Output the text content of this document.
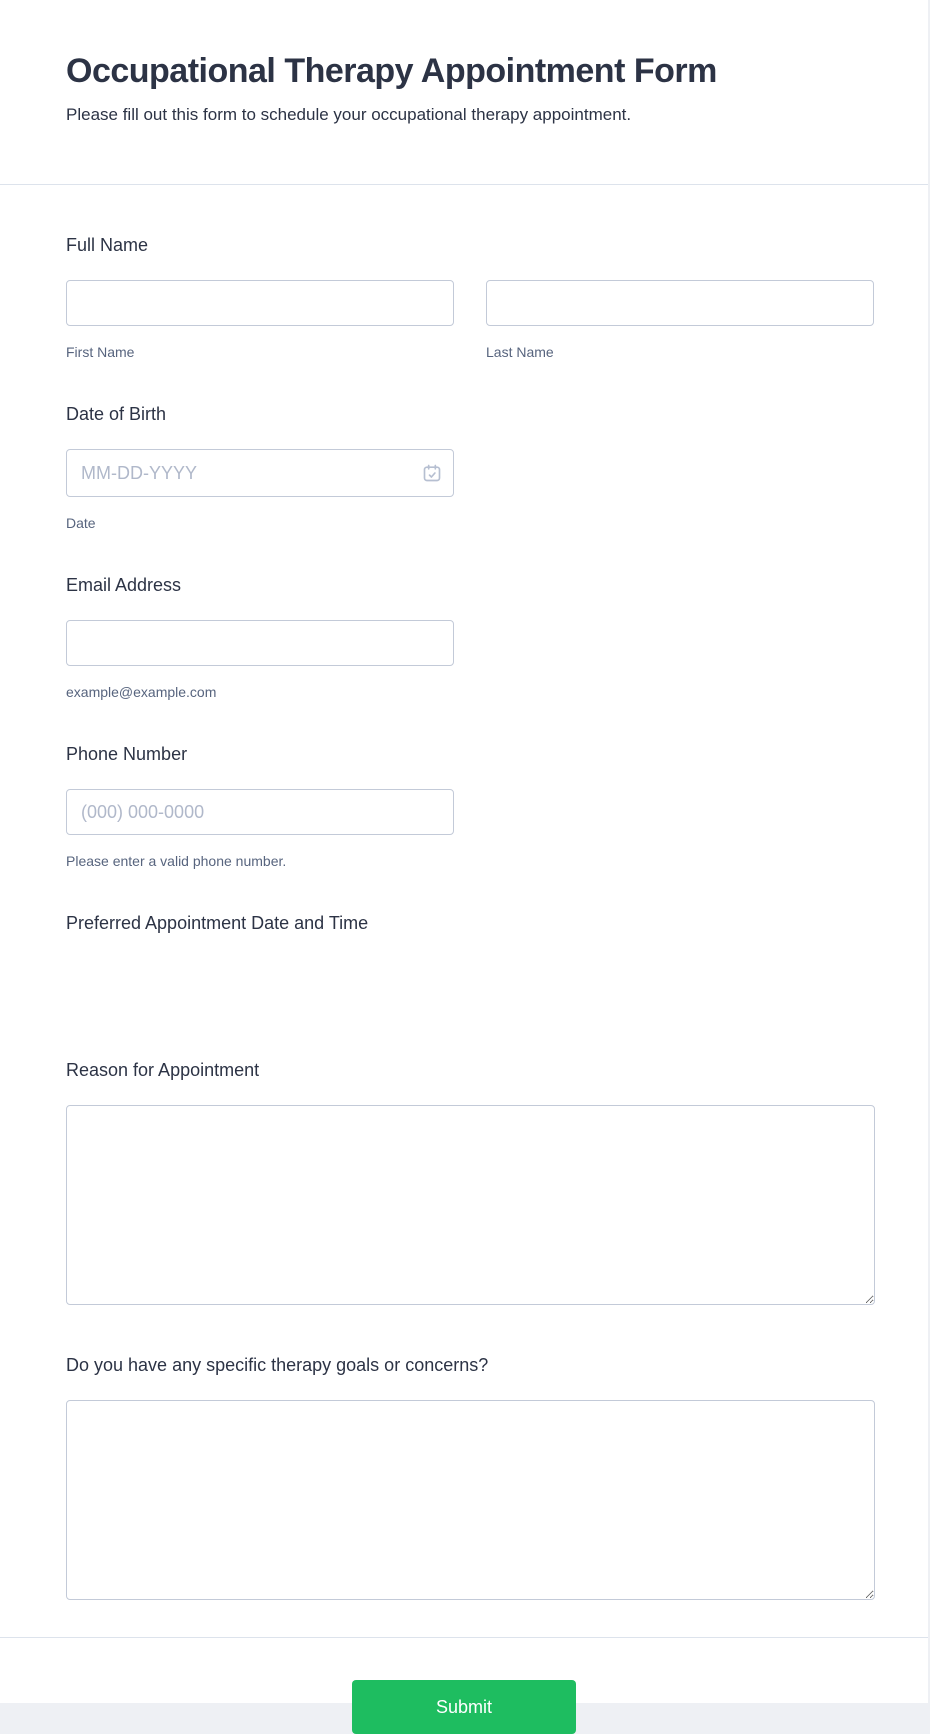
Occupational Therapy Appointment Form
Please fill out this form to schedule your occupational therapy appointment.
Full Name
First Name	Last Name
Date of Birth
MM-DD-YYYY
Date
Email Address
example@example.com
Phone Number
(000) 000-0000
Please enter a valid phone number.
Preferred Appointment Date and Time
Reason for Appointment
Do you have any specific therapy goals or concerns?
Submit
